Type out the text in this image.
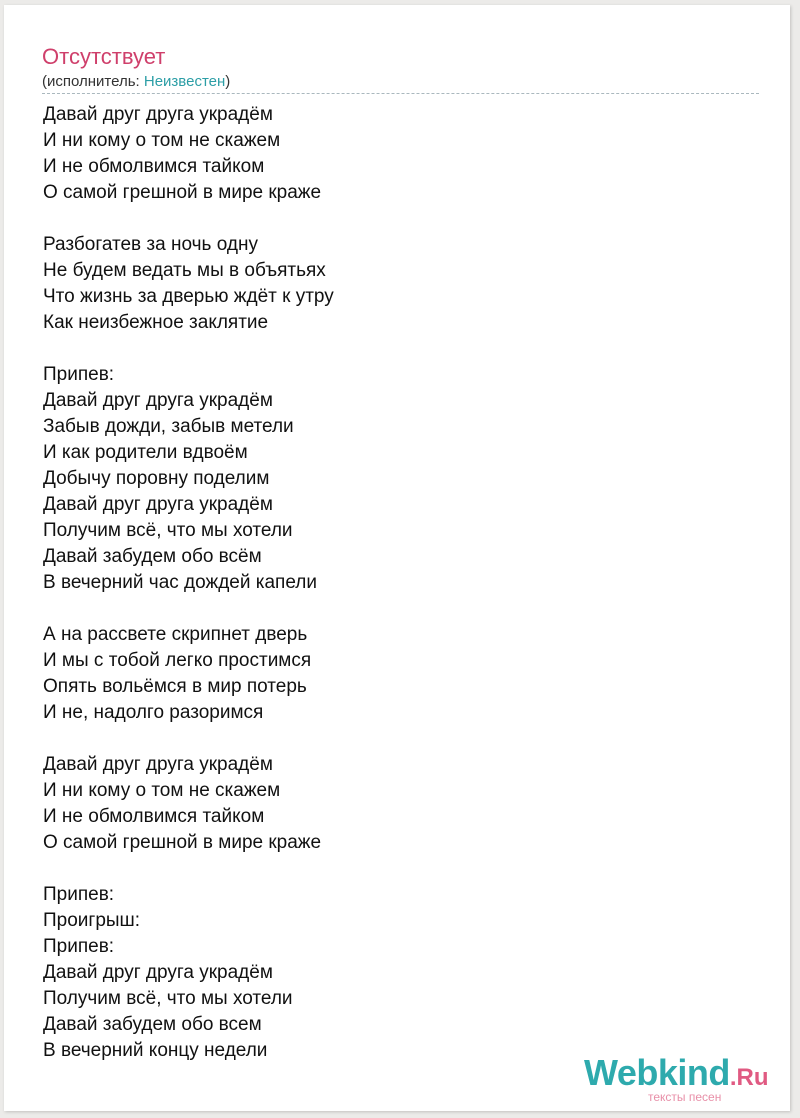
Отсутствует
(исполнитель: Неизвестен)
Давай друг друга украдём
И ни кому о том не скажем
И не обмолвимся тайком
О самой грешной в мире краже
Разбогатев за ночь одну
Не будем ведать мы в объятьях
Что жизнь за дверью ждёт к утру
Как неизбежное заклятие
Припев:
Давай друг друга украдём
Забыв дожди, забыв метели
И как родители вдвоём
Добычу поровну поделим
Давай друг друга украдём
Получим всё, что мы хотели
Давай забудем обо всём
В вечерний час дождей капели
А на рассвете скрипнет дверь
И мы с тобой легко простимся
Опять вольёмся в мир потерь
И не, надолго разоримся
Давай друг друга украдём
И ни кому о том не скажем
И не обмолвимся тайком
О самой грешной в мире краже
Припев:
Проигрыш:
Припев:
Давай друг друга украдём
Получим всё, что мы хотели
Давай забудем обо всем
В вечерний концу недели
Webkind.Ru
тексты песен
